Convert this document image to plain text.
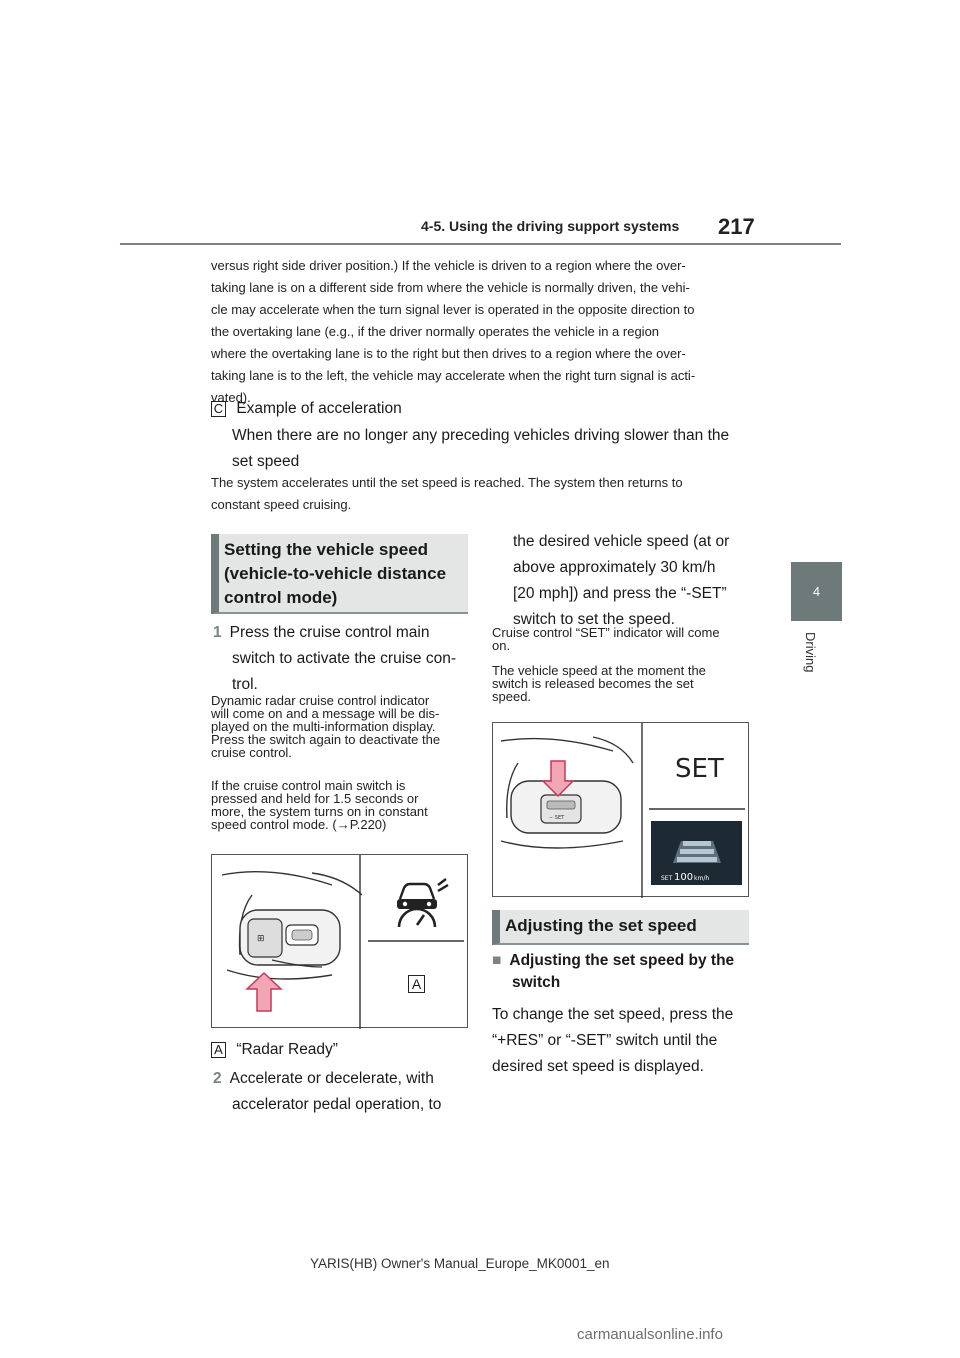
4-5. Using the driving support systems 217
4
Driving
versus right side driver position.) If the vehicle is driven to a region where the over-
taking lane is on a different side from where the vehicle is normally driven, the vehi-
cle may accelerate when the turn signal lever is operated in the opposite direction to
the overtaking lane (e.g., if the driver normally operates the vehicle in a region
where the overtaking lane is to the right but then drives to a region where the over-
taking lane is to the left, the vehicle may accelerate when the right turn signal is acti-
vated).
C Example of acceleration
When there are no longer any preceding vehicles driving slower than the
set speed
The system accelerates until the set speed is reached. The system then returns to
constant speed cruising.
Setting the vehicle speed
(vehicle-to-vehicle distance
control mode)
1 Press the cruise control main
switch to activate the cruise con-
trol.
Dynamic radar cruise control indicator
will come on and a message will be dis-
played on the multi-information display.
Press the switch again to deactivate the
cruise control.
If the cruise control main switch is
pressed and held for 1.5 seconds or
more, the system turns on in constant
speed control mode. (→P.220)
⊞
A
A “Radar Ready”
2 Accelerate or decelerate, with
accelerator pedal operation, to
the desired vehicle speed (at or
above approximately 30 km/h
[20 mph]) and press the “-SET”
switch to set the speed.
Cruise control “SET” indicator will come
on.
The vehicle speed at the moment the
switch is released becomes the set
speed.
− SET
SET
SET 100 km/h
Adjusting the set speed
■ Adjusting the set speed by the
switch
To change the set speed, press the
“+RES” or “-SET” switch until the
desired set speed is displayed.
YARIS(HB) Owner's Manual_Europe_MK0001_en
carmanualsonline.info
